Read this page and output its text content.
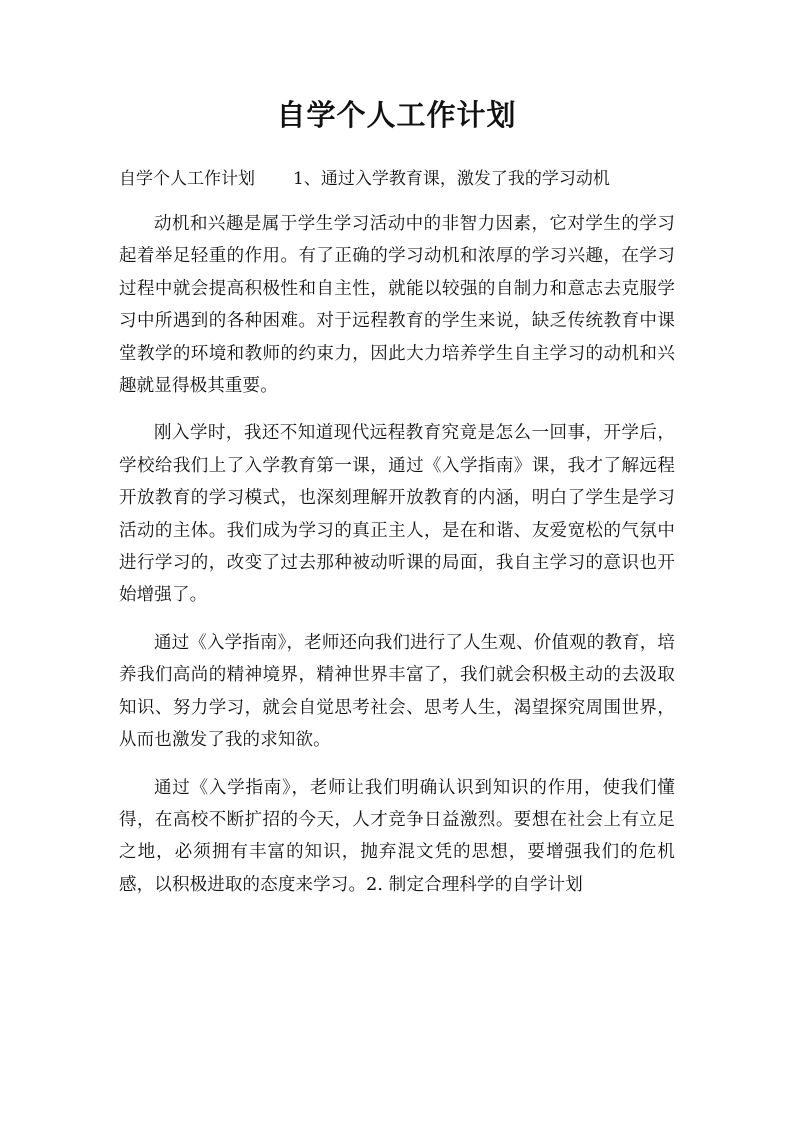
自学个人工作计划
自学个人工作计划 1、通过入学教育课，激发了我的学习动机

动机和兴趣是属于学生学习活动中的非智力因素，它对学生的学习起着举足轻重的作用。有了正确的学习动机和浓厚的学习兴趣，在学习过程中就会提高积极性和自主性，就能以较强的自制力和意志去克服学习中所遇到的各种困难。对于远程教育的学生来说，缺乏传统教育中课堂教学的环境和教师的约束力，因此大力培养学生自主学习的动机和兴趣就显得极其重要。

刚入学时，我还不知道现代远程教育究竟是怎么一回事，开学后，学校给我们上了入学教育第一课，通过《入学指南》课，我才了解远程开放教育的学习模式，也深刻理解开放教育的内涵，明白了学生是学习活动的主体。我们成为学习的真正主人，是在和谐、友爱宽松的气氛中进行学习的，改变了过去那种被动听课的局面，我自主学习的意识也开始增强了。

通过《入学指南》，老师还向我们进行了人生观、价值观的教育，培养我们高尚的精神境界，精神世界丰富了，我们就会积极主动的去汲取知识、努力学习，就会自觉思考社会、思考人生，渴望探究周围世界，从而也激发了我的求知欲。

通过《入学指南》，老师让我们明确认识到知识的作用，使我们懂得，在高校不断扩招的今天，人才竞争日益激烈。要想在社会上有立足之地，必须拥有丰富的知识，抛弃混文凭的思想，要增强我们的危机感，以积极进取的态度来学习。2. 制定合理科学的自学计划
